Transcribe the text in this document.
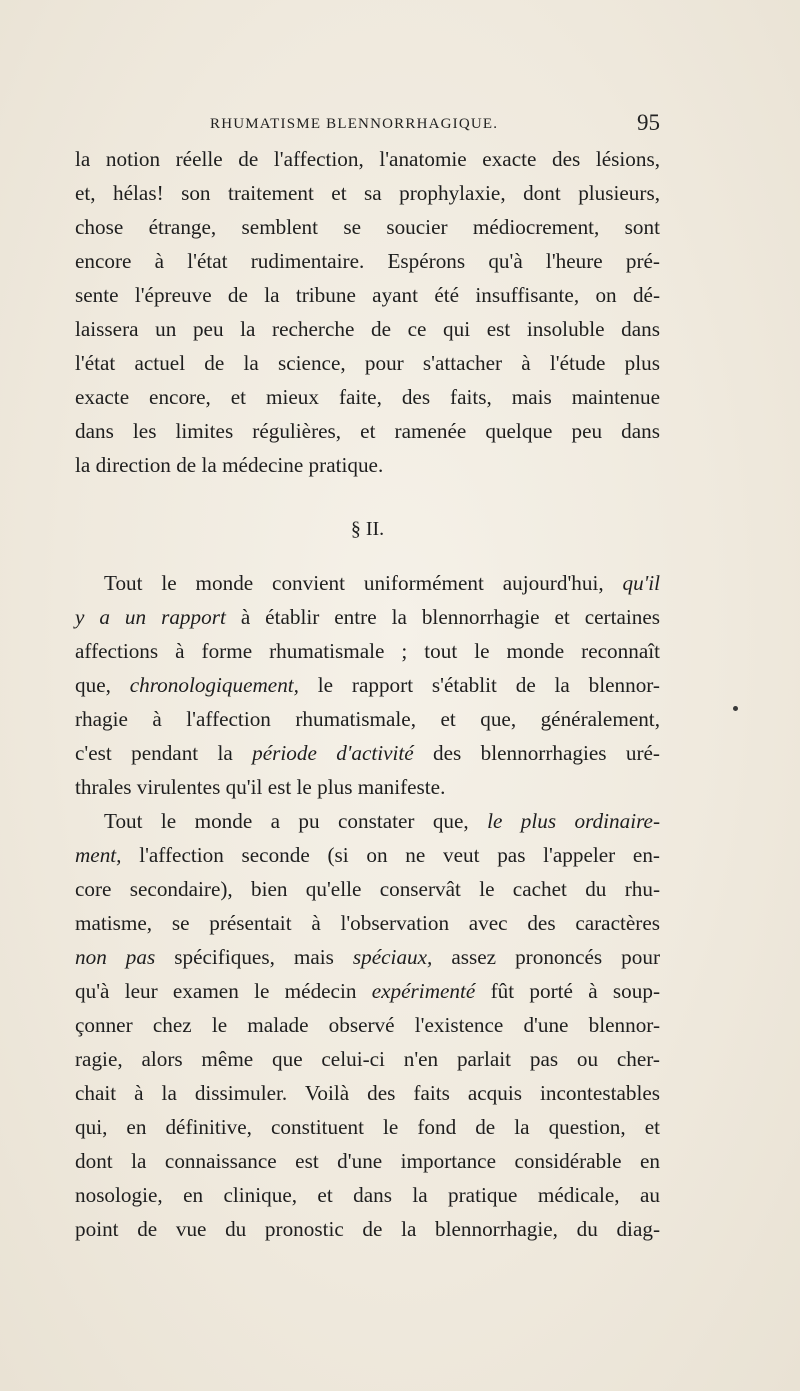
RHUMATISME BLENNORRHAGIQUE.	95
la notion réelle de l'affection, l'anatomie exacte des lésions,
et, hélas! son traitement et sa prophylaxie, dont plusieurs,
chose étrange, semblent se soucier médiocrement, sont
encore à l'état rudimentaire. Espérons qu'à l'heure pré-
sente l'épreuve de la tribune ayant été insuffisante, on dé-
laissera un peu la recherche de ce qui est insoluble dans
l'état actuel de la science, pour s'attacher à l'étude plus
exacte encore, et mieux faite, des faits, mais maintenue
dans les limites régulières, et ramenée quelque peu dans
la direction de la médecine pratique.
§ II.
Tout le monde convient uniformément aujourd'hui, qu'il
y a un rapport à établir entre la blennorrhagie et certaines
affections à forme rhumatismale ; tout le monde reconnaît
que, chronologiquement, le rapport s'établit de la blennor-
rhagie à l'affection rhumatismale, et que, généralement,
c'est pendant la période d'activité des blennorrhagies uré-
thrales virulentes qu'il est le plus manifeste.
Tout le monde a pu constater que, le plus ordinaire-
ment, l'affection seconde (si on ne veut pas l'appeler en-
core secondaire), bien qu'elle conservât le cachet du rhu-
matisme, se présentait à l'observation avec des caractères
non pas spécifiques, mais spéciaux, assez prononcés pour
qu'à leur examen le médecin expérimenté fût porté à soup-
çonner chez le malade observé l'existence d'une blennor-
ragie, alors même que celui-ci n'en parlait pas ou cher-
chait à la dissimuler. Voilà des faits acquis incontestables
qui, en définitive, constituent le fond de la question, et
dont la connaissance est d'une importance considérable en
nosologie, en clinique, et dans la pratique médicale, au
point de vue du pronostic de la blennorrhagie, du diag-
